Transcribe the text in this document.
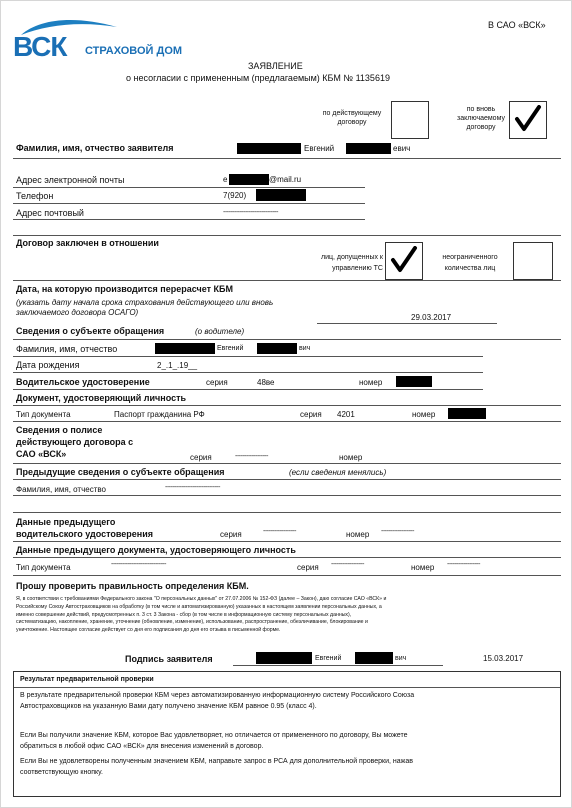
ВСК СТРАХОВОЙ ДОМ
В САО «ВСК»
ЗАЯВЛЕНИЕ
о несогласии с примененным (предлагаемым) КБМ № 1135619
по действующему договору
по вновь заключаемому договору
Фамилия, имя, отчество заявителя	Евгений	евич
Адрес электронной почты	e	@mail.ru
Телефон	7(920)
Адрес почтовый	------------------------------
Договор заключен в отношении
лиц, допущенных к управлению ТС
неограниченного количества лиц
Дата, на которую производится перерасчет КБМ
(указать дату начала срока страхования действующего или вновь заключаемого договора ОСАГО)
29.03.2017
Сведения о субъекте обращения	(о водителе)
Фамилия, имя, отчество	Евгений	вич
Дата рождения	2_.1_.19__
Водительское удостоверение	серия	48ве	номер
Документ, удостоверяющий личность
Тип документа	Паспорт гражданина РФ	серия 4201	номер
Сведения о полисе
действующего договора с
САО «ВСК»	серия	------------------	номер
Предыдущие сведения о субъекте обращения	(если сведения менялись)
Фамилия, имя, отчество	------------------------------
Данные предыдущего
водительского удостоверения	серия	------------------	номер ------------------
Данные предыдущего документа, удостоверяющего личность
Тип документа	------------------------------	серия ------------------	номер ------------------
Прошу проверить правильность определения КБМ.
Я, в соответствии с требованиями Федерального закона "О персональных данных" от 27.07.2006 № 152-ФЗ (далее – Закон), даю согласие САО «ВСК» и
Российскому Союзу Автостраховщиков на обработку (в том числе и автоматизированную) указанных в настоящем заявлении персональных данных, а
именно совершение действий, предусмотренных п. 3 ст. 3 Закона - сбор (в том числе в информационную систему персональных данных),
систематизацию, накопление, хранение, уточнение (обновление, изменение), использование, распространение, обезличивание, блокирование и
уничтожение. Настоящее согласие действует со дня его подписания до дня его отзыва в письменной форме.
Подпись заявителя	Евгений	вич	15.03.2017
Результат предварительной проверки
В результате предварительной проверки КБМ через автоматизированную информационную систему Российского Союза
Автостраховщиков на указанную Вами дату получено значение КБМ равное 0.95 (класс 4).
Если Вы получили значение КБМ, которое Вас удовлетворяет, но отличается от примененного по договору, Вы можете
обратиться в любой офис САО «ВСК» для внесения изменений в договор.
Если Вы не удовлетворены полученным значением КБМ, направьте запрос в РСА для дополнительной проверки, нажав
соответствующую кнопку.
